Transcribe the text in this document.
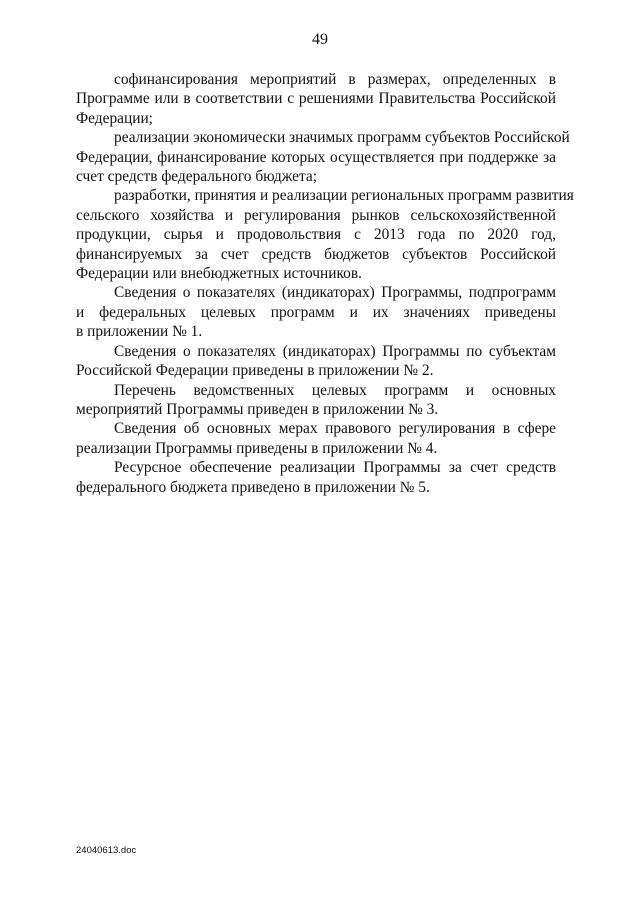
49
софинансирования мероприятий в размерах, определенных в
Программе или в соответствии с решениями Правительства Российской
Федерации;
реализации экономически значимых программ субъектов Российской
Федерации, финансирование которых осуществляется при поддержке за
счет средств федерального бюджета;
разработки, принятия и реализации региональных программ развития
сельского хозяйства и регулирования рынков сельскохозяйственной
продукции, сырья и продовольствия с 2013 года по 2020 год,
финансируемых за счет средств бюджетов субъектов Российской
Федерации или внебюджетных источников.
Сведения о показателях (индикаторах) Программы, подпрограмм
и федеральных целевых программ и их значениях приведены
в приложении № 1.
Сведения о показателях (индикаторах) Программы по субъектам
Российской Федерации приведены в приложении № 2.
Перечень ведомственных целевых программ и основных
мероприятий Программы приведен в приложении № 3.
Сведения об основных мерах правового регулирования в сфере
реализации Программы приведены в приложении № 4.
Ресурсное обеспечение реализации Программы за счет средств
федерального бюджета приведено в приложении № 5.
24040613.doc
